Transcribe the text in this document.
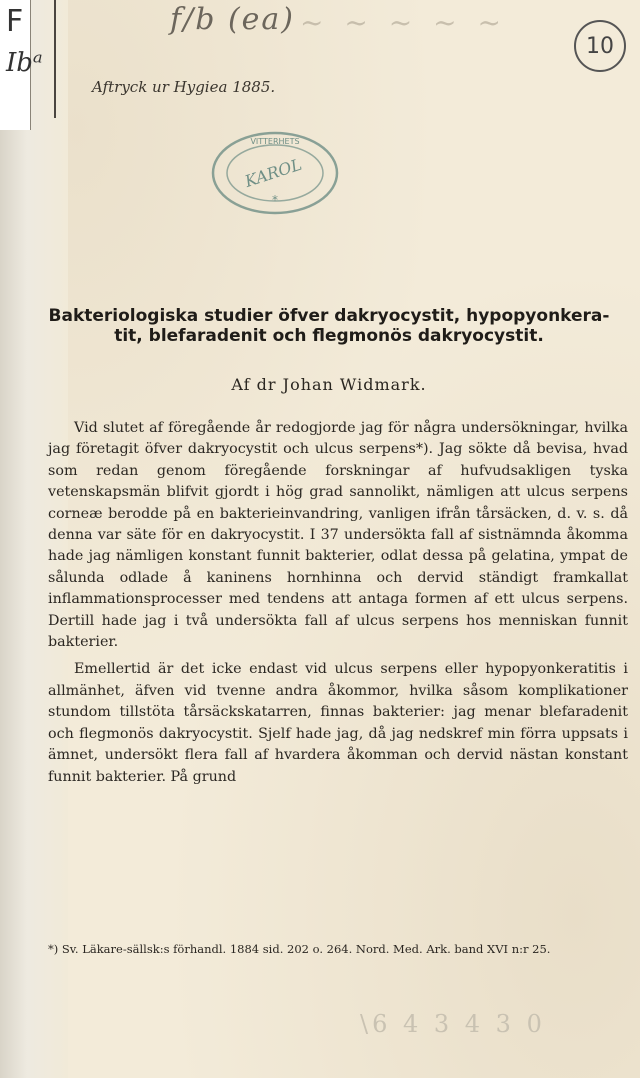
F
Ibᵃ
f/b (ea) ~ ~ ~ ~ ~
10
Aftryck ur Hygiea 1885.
VITTERHETS
KAROL
*
Bakteriologiska studier öfver dakryocystit, hypopyonkera-
tit, blefaradenit och flegmonös dakryocystit.
Af dr Johan Widmark.

Vid slutet af föregående år redogjorde jag för några undersökningar, hvilka jag företagit öfver dakryocystit och ulcus serpens*). Jag sökte då bevisa, hvad som redan genom föregående forskningar af hufvudsakligen tyska vetenskapsmän blifvit gjordt i hög grad sannolikt, nämligen att ulcus serpens corneæ berodde på en bakterieinvandring, vanligen ifrån tårsäcken, d. v. s. då denna var säte för en dakryocystit. I 37 undersökta fall af sistnämnda åkomma hade jag nämligen konstant funnit bakterier, odlat dessa på gelatina, ympat de sålunda odlade å kaninens hornhinna och dervid ständigt framkallat inflammationsprocesser med tendens att antaga formen af ett ulcus serpens. Dertill hade jag i två undersökta fall af ulcus serpens hos menniskan funnit bakterier.

Emellertid är det icke endast vid ulcus serpens eller hypopyonkeratitis i allmänhet, äfven vid tvenne andra åkommor, hvilka såsom komplikationer stundom tillstöta tårsäckskatarren, finnas bakterier: jag menar blefaradenit och flegmonös dakryocystit. Sjelf hade jag, då jag nedskref min förra uppsats i ämnet, undersökt flera fall af hvardera åkomman och dervid nästan konstant funnit bakterier. På grund

*) Sv. Läkare-sällsk:s förhandl. 1884 sid. 202 o. 264. Nord. Med. Ark. band XVI n:r 25.
\6 4 3 4 3 0
